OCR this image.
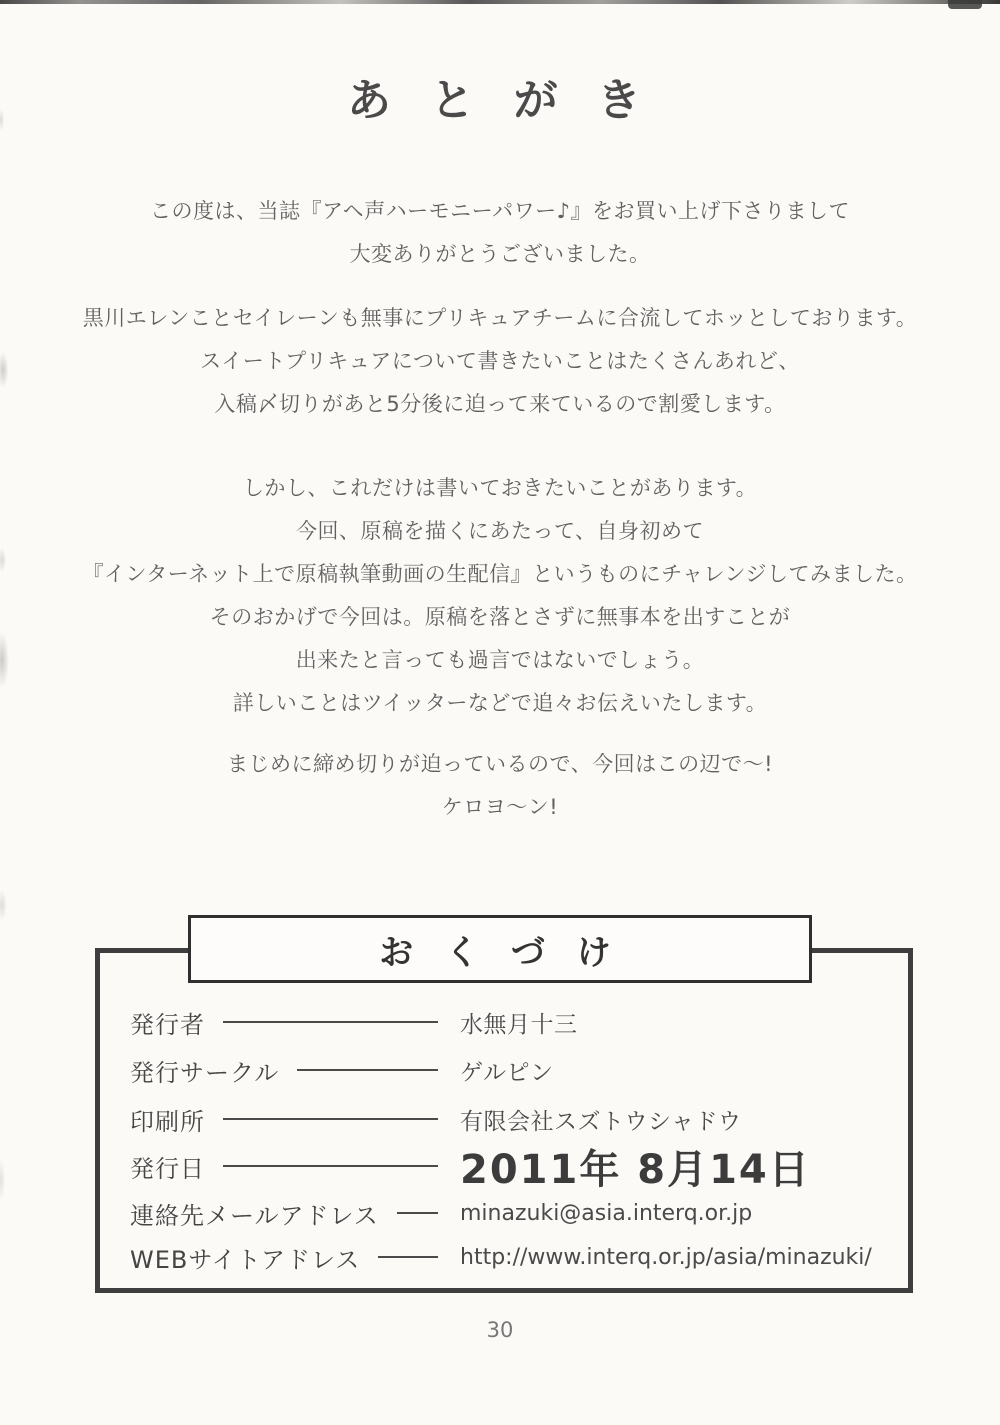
あ と が き
この度は、当誌『アヘ声ハーモニーパワー♪』をお買い上げ下さりまして
大変ありがとうございました。
黒川エレンことセイレーンも無事にプリキュアチームに合流してホッとしております。
スイートプリキュアについて書きたいことはたくさんあれど、
入稿〆切りがあと5分後に迫って来ているので割愛します。
しかし、これだけは書いておきたいことがあります。
今回、原稿を描くにあたって、自身初めて
『インターネット上で原稿執筆動画の生配信』というものにチャレンジしてみました。
そのおかげで今回は。原稿を落とさずに無事本を出すことが
出来たと言っても過言ではないでしょう。
詳しいことはツイッターなどで追々お伝えいたします。
まじめに締め切りが迫っているので、今回はこの辺で〜!
ケロヨ〜ン!
お く づ け
発行者	水無月十三
発行サークル	ゲルピン
印刷所	有限会社スズトウシャドウ
発行日	2011年 8月14日
連絡先メールアドレス	minazuki@asia.interq.or.jp
WEBサイトアドレス	http://www.interq.or.jp/asia/minazuki/
30
